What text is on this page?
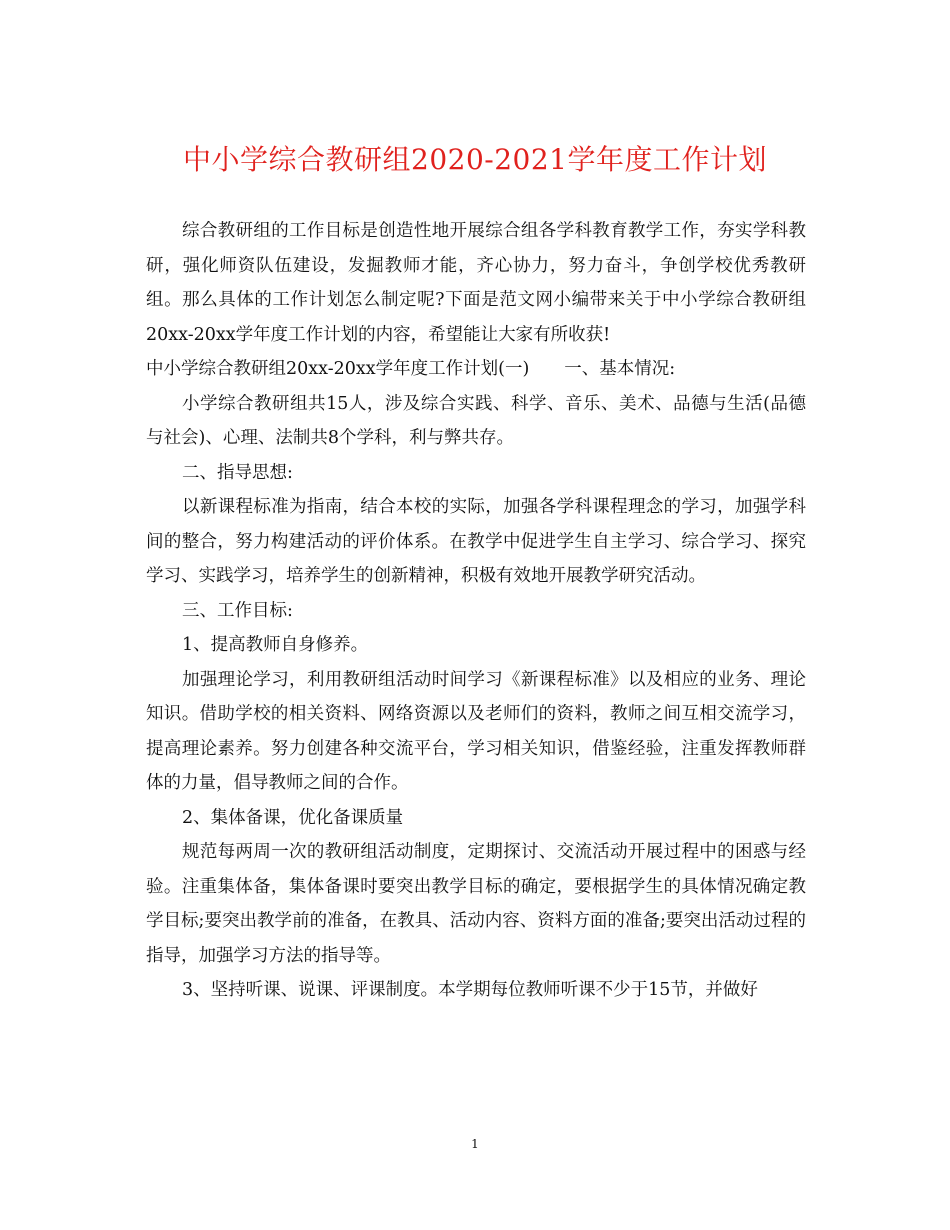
中小学综合教研组2020-2021学年度工作计划

综合教研组的工作目标是创造性地开展综合组各学科教育教学工作，夯实学科教研，强化师资队伍建设，发掘教师才能，齐心协力，努力奋斗，争创学校优秀教研组。那么具体的工作计划怎么制定呢?下面是范文网小编带来关于中小学综合教研组20xx-20xx学年度工作计划的内容，希望能让大家有所收获!

中小学综合教研组20xx-20xx学年度工作计划(一)　　一、基本情况:

小学综合教研组共15人，涉及综合实践、科学、音乐、美术、品德与生活(品德与社会)、心理、法制共8个学科，利与弊共存。

二、指导思想:

以新课程标准为指南，结合本校的实际，加强各学科课程理念的学习，加强学科间的整合，努力构建活动的评价体系。在教学中促进学生自主学习、综合学习、探究学习、实践学习，培养学生的创新精神，积极有效地开展教学研究活动。

三、工作目标:

1、提高教师自身修养。

加强理论学习，利用教研组活动时间学习《新课程标准》以及相应的业务、理论知识。借助学校的相关资料、网络资源以及老师们的资料，教师之间互相交流学习，提高理论素养。努力创建各种交流平台，学习相关知识，借鉴经验，注重发挥教师群体的力量，倡导教师之间的合作。

2、集体备课，优化备课质量

规范每两周一次的教研组活动制度，定期探讨、交流活动开展过程中的困惑与经验。注重集体备，集体备课时要突出教学目标的确定，要根据学生的具体情况确定教学目标;要突出教学前的准备，在教具、活动内容、资料方面的准备;要突出活动过程的指导，加强学习方法的指导等。

3、坚持听课、说课、评课制度。本学期每位教师听课不少于15节，并做好

1
